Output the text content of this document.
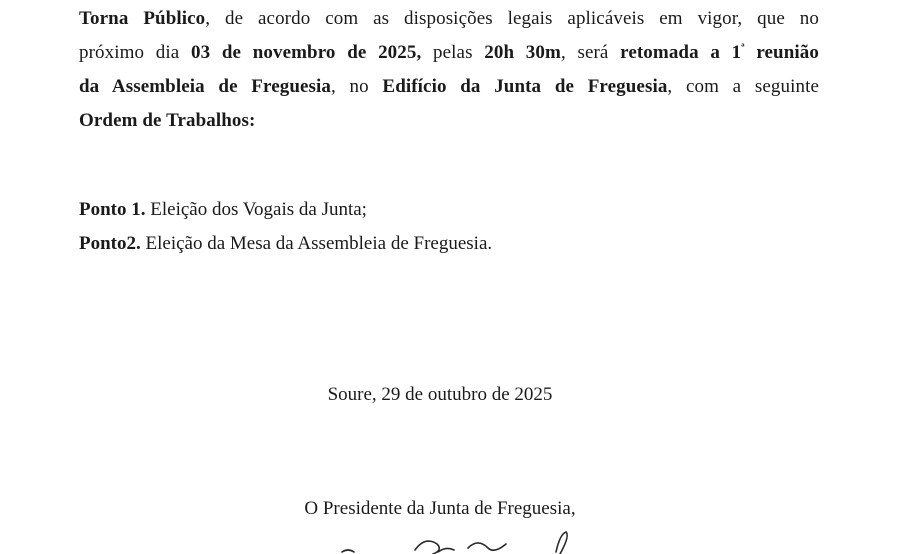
Torna Público, de acordo com as disposições legais aplicáveis em vigor, que no
próximo dia 03 de novembro de 2025, pelas 20h 30m, será retomada a $1^ª$ reunião
da Assembleia de Freguesia, no Edifício da Junta de Freguesia, com a seguinte
Ordem de Trabalhos:
Ponto 1. Eleição dos Vogais da Junta;
Ponto2. Eleição da Mesa da Assembleia de Freguesia.
Soure, 29 de outubro de 2025
O Presidente da Junta de Freguesia,
